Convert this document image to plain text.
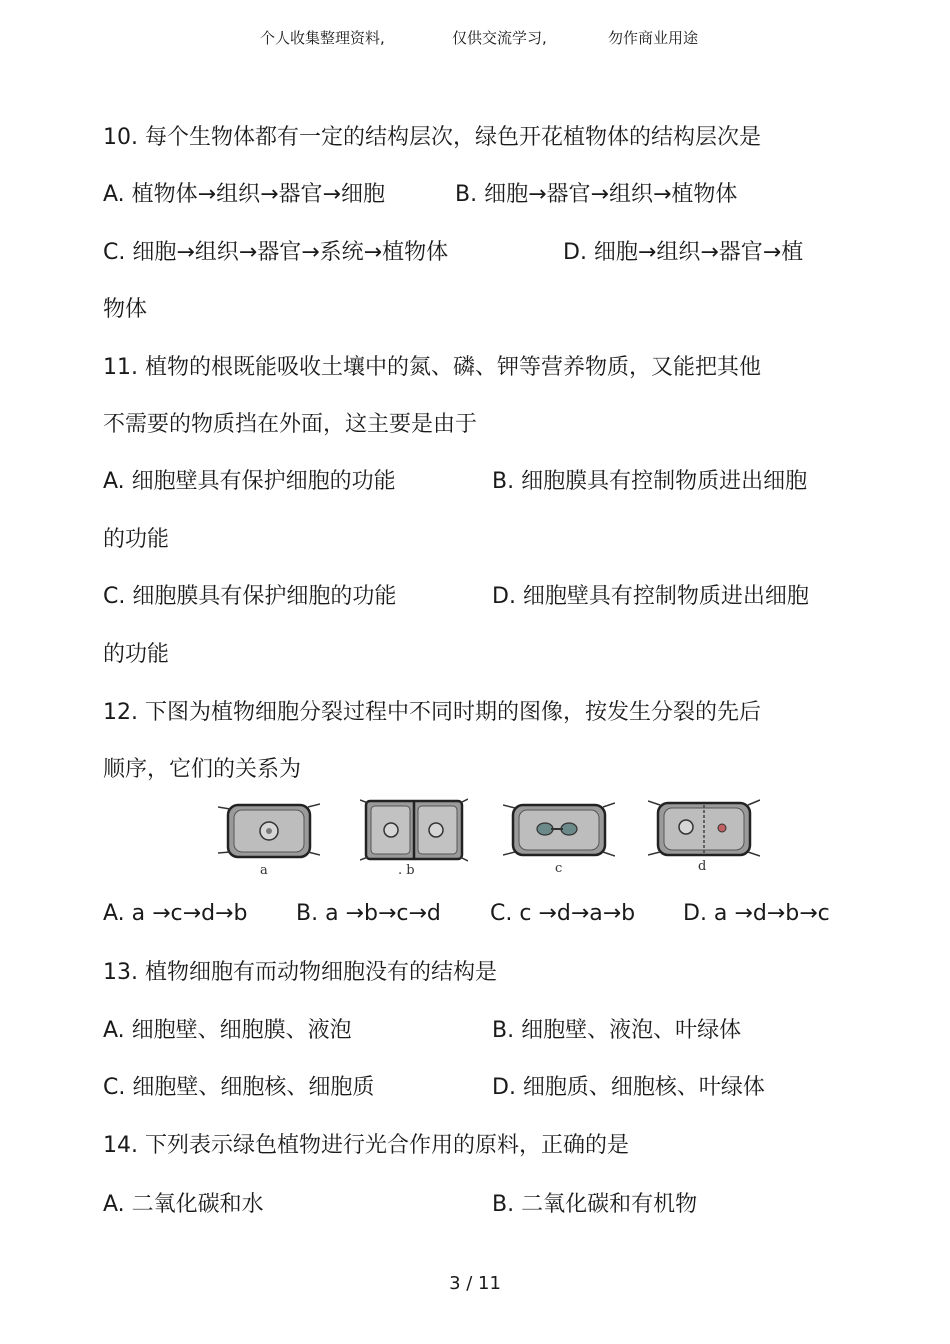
个人收集整理资料,	仅供交流学习,	勿作商业用途
10. 每个生物体都有一定的结构层次，绿色开花植物体的结构层次是
A. 植物体→组织→器官→细胞	B. 细胞→器官→组织→植物体
C. 细胞→组织→器官→系统→植物体	D. 细胞→组织→器官→植
物体
11. 植物的根既能吸收土壤中的氮、磷、钾等营养物质，又能把其他
不需要的物质挡在外面，这主要是由于
A. 细胞壁具有保护细胞的功能	B. 细胞膜具有控制物质进出细胞
的功能
C. 细胞膜具有保护细胞的功能	D. 细胞壁具有控制物质进出细胞
的功能
12. 下图为植物细胞分裂过程中不同时期的图像，按发生分裂的先后
顺序，它们的关系为
a	. b	c	d
A. a →c→d→b B. a →b→c→d C. c →d→a→b D. a →d→b→c
13. 植物细胞有而动物细胞没有的结构是
A. 细胞壁、细胞膜、液泡	B. 细胞壁、液泡、叶绿体
C. 细胞壁、细胞核、细胞质	D. 细胞质、细胞核、叶绿体
14. 下列表示绿色植物进行光合作用的原料，正确的是
A. 二氧化碳和水	B. 二氧化碳和有机物
3 / 11
